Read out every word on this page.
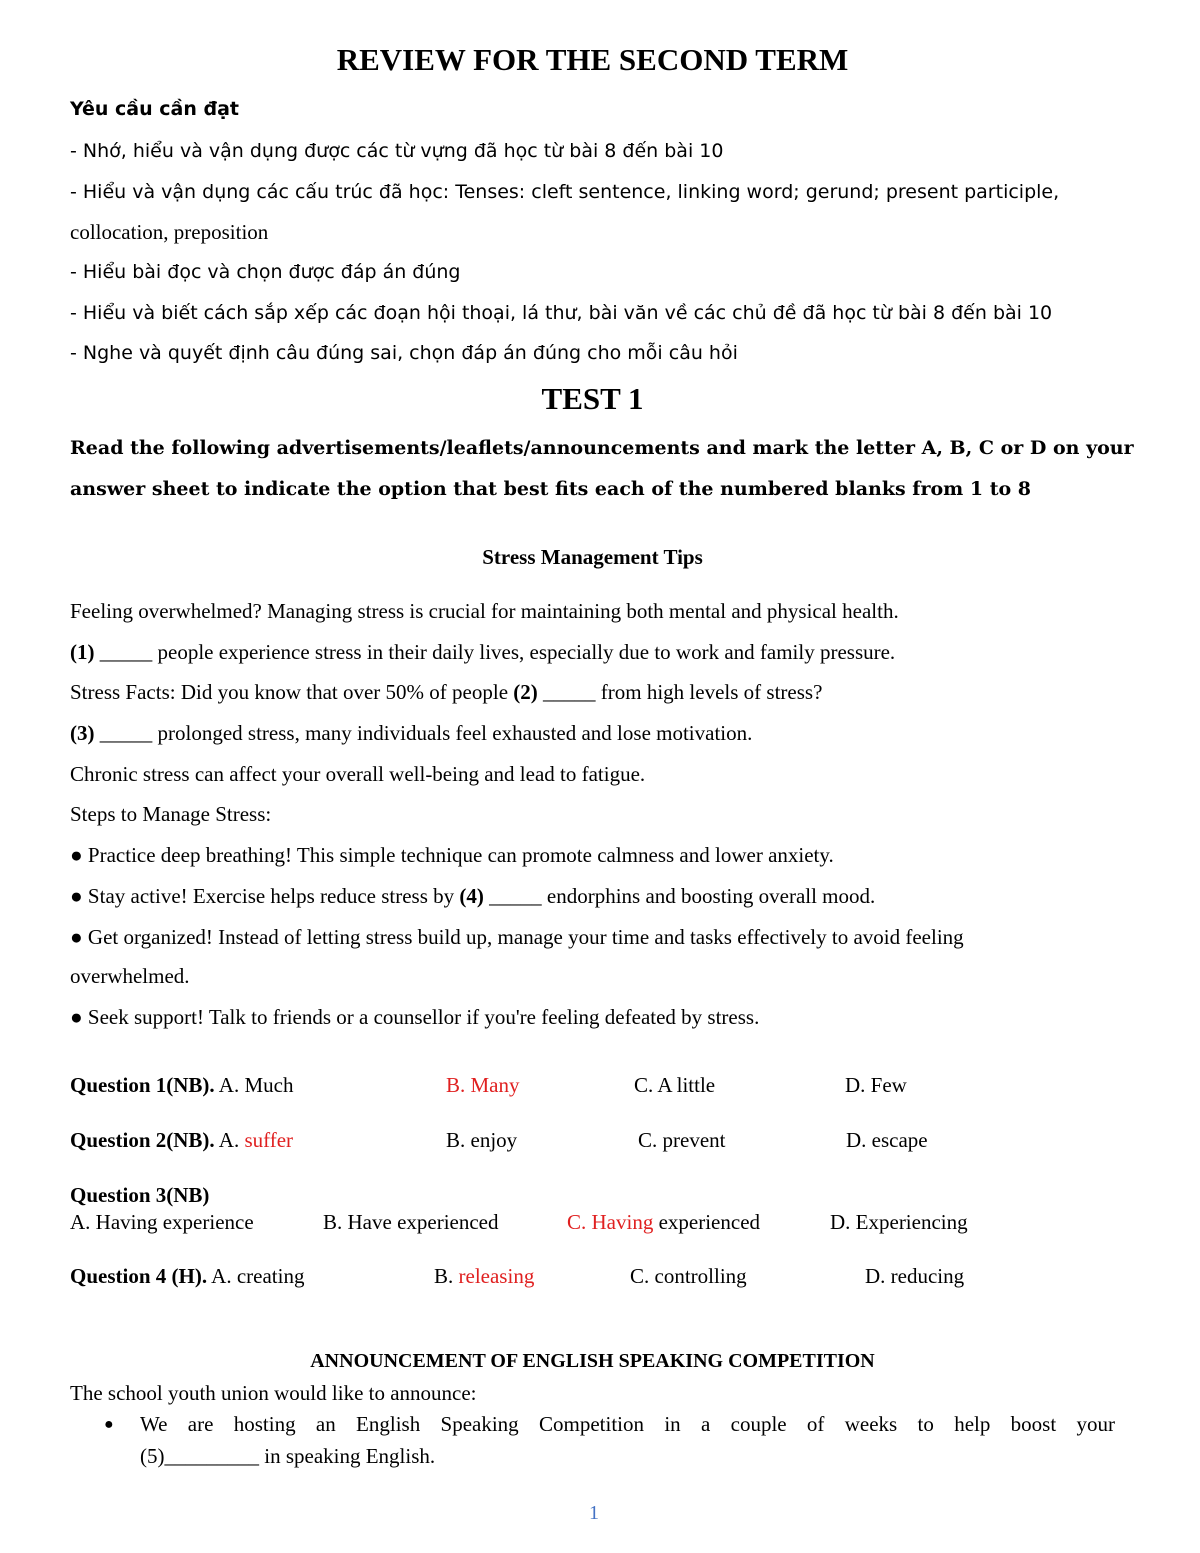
REVIEW FOR THE SECOND TERM
Yêu cầu cần đạt
- Nhớ, hiểu và vận dụng được các từ vựng đã học từ bài 8 đến bài 10
- Hiểu và vận dụng các cấu trúc đã học: Tenses: cleft sentence, linking word; gerund; present participle,
collocation, preposition
- Hiểu bài đọc và chọn được đáp án đúng
- Hiểu và biết cách sắp xếp các đoạn hội thoại, lá thư, bài văn về các chủ đề đã học từ bài 8 đến bài 10
- Nghe và quyết định câu đúng sai, chọn đáp án đúng cho mỗi câu hỏi
TEST 1
Read the following advertisements/leaflets/announcements and mark the letter A, B, C or D on your
answer sheet to indicate the option that best fits each of the numbered blanks from 1 to 8
Stress Management Tips
Feeling overwhelmed? Managing stress is crucial for maintaining both mental and physical health.
(1) _____ people experience stress in their daily lives, especially due to work and family pressure.
Stress Facts: Did you know that over 50% of people (2) _____ from high levels of stress?
(3) _____ prolonged stress, many individuals feel exhausted and lose motivation.
Chronic stress can affect your overall well-being and lead to fatigue.
Steps to Manage Stress:
● Practice deep breathing! This simple technique can promote calmness and lower anxiety.
● Stay active! Exercise helps reduce stress by (4) _____ endorphins and boosting overall mood.
● Get organized! Instead of letting stress build up, manage your time and tasks effectively to avoid feeling
overwhelmed.
● Seek support! Talk to friends or a counsellor if you're feeling defeated by stress.
Question 1(NB). A. Much	B. Many	C. A little	D. Few
Question 2(NB). A. suffer	B. enjoy	C. prevent	D. escape
Question 3(NB)
A. Having experience	B. Have experienced	C. Having experienced	D. Experiencing
Question 4 (H). A. creating	B. releasing	C. controlling	D. reducing
ANNOUNCEMENT OF ENGLISH SPEAKING COMPETITION
The school youth union would like to announce:
● We are hosting an English Speaking Competition in a couple of weeks to help boost your
(5)_________ in speaking English.
1
